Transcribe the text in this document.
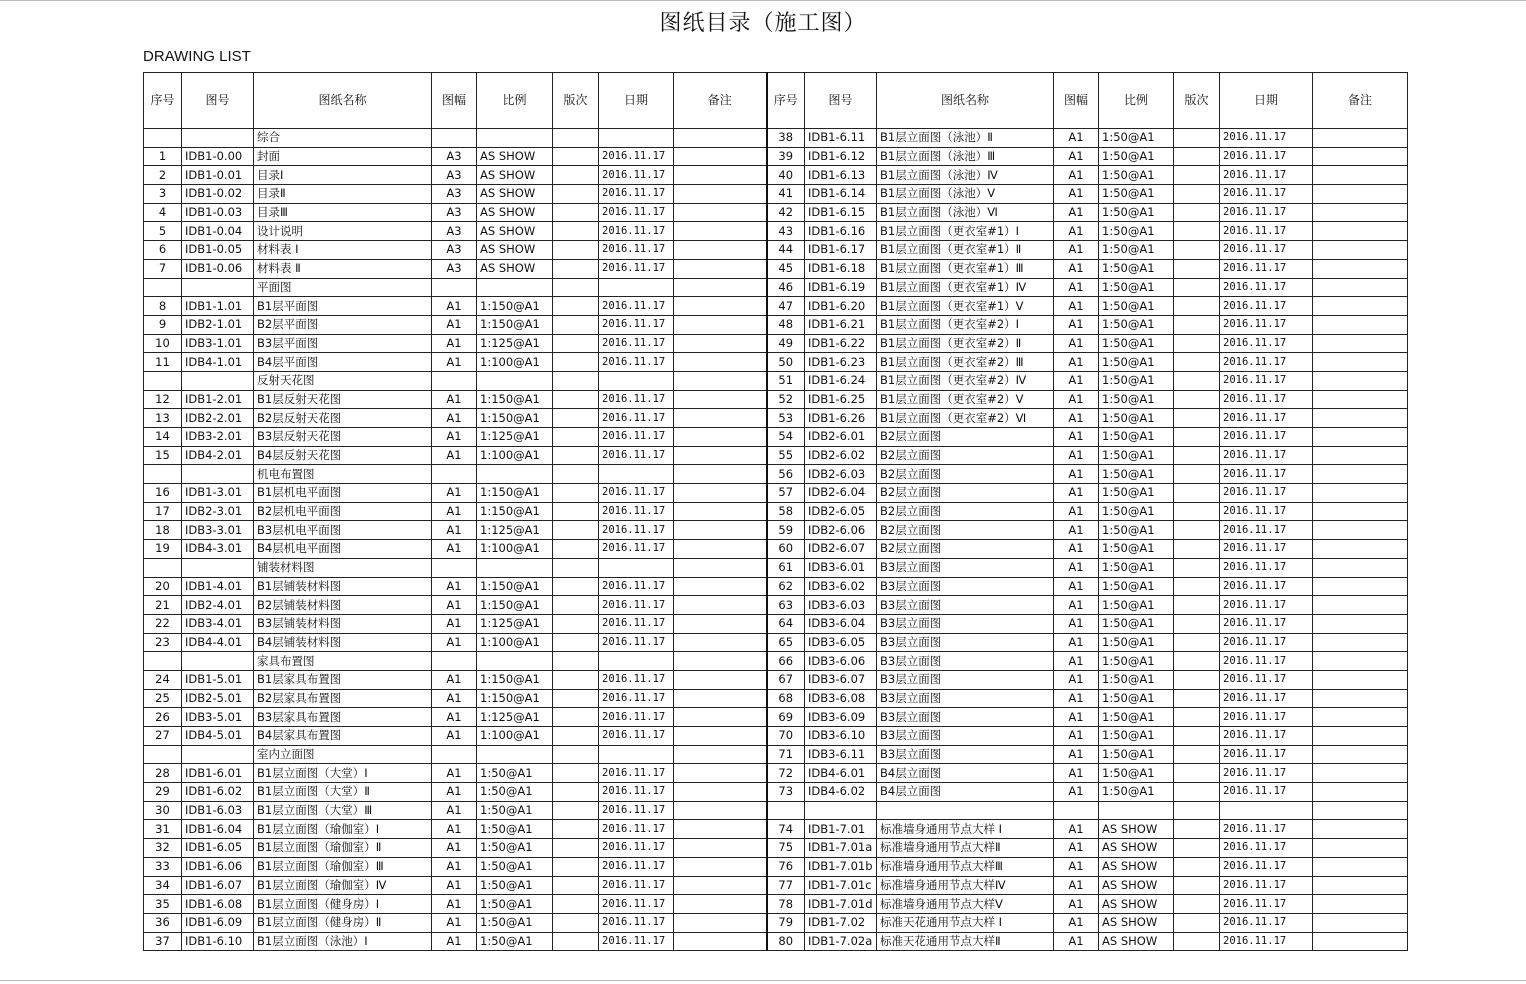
图纸目录（施工图）
DRAWING LIST
序号	图号	图纸名称	图幅	比例	版次	日期	备注	序号	图号	图纸名称	图幅	比例	版次	日期	备注
		综合						38	IDB1-6.11	B1层立面图（泳池）Ⅱ	A1	1:50@A1		2016.11.17	
1	IDB1-0.00	封面	A3	AS SHOW		2016.11.17		39	IDB1-6.12	B1层立面图（泳池）Ⅲ	A1	1:50@A1		2016.11.17	
2	IDB1-0.01	目录Ⅰ	A3	AS SHOW		2016.11.17		40	IDB1-6.13	B1层立面图（泳池）Ⅳ	A1	1:50@A1		2016.11.17	
3	IDB1-0.02	目录Ⅱ	A3	AS SHOW		2016.11.17		41	IDB1-6.14	B1层立面图（泳池）Ⅴ	A1	1:50@A1		2016.11.17	
4	IDB1-0.03	目录Ⅲ	A3	AS SHOW		2016.11.17		42	IDB1-6.15	B1层立面图（泳池）Ⅵ	A1	1:50@A1		2016.11.17	
5	IDB1-0.04	设计说明	A3	AS SHOW		2016.11.17		43	IDB1-6.16	B1层立面图（更衣室#1）Ⅰ	A1	1:50@A1		2016.11.17	
6	IDB1-0.05	材料表 Ⅰ	A3	AS SHOW		2016.11.17		44	IDB1-6.17	B1层立面图（更衣室#1）Ⅱ	A1	1:50@A1		2016.11.17	
7	IDB1-0.06	材料表 Ⅱ	A3	AS SHOW		2016.11.17		45	IDB1-6.18	B1层立面图（更衣室#1）Ⅲ	A1	1:50@A1		2016.11.17	
		平面图						46	IDB1-6.19	B1层立面图（更衣室#1）Ⅳ	A1	1:50@A1		2016.11.17	
8	IDB1-1.01	B1层平面图	A1	1:150@A1		2016.11.17		47	IDB1-6.20	B1层立面图（更衣室#1）Ⅴ	A1	1:50@A1		2016.11.17	
9	IDB2-1.01	B2层平面图	A1	1:150@A1		2016.11.17		48	IDB1-6.21	B1层立面图（更衣室#2）Ⅰ	A1	1:50@A1		2016.11.17	
10	IDB3-1.01	B3层平面图	A1	1:125@A1		2016.11.17		49	IDB1-6.22	B1层立面图（更衣室#2）Ⅱ	A1	1:50@A1		2016.11.17	
11	IDB4-1.01	B4层平面图	A1	1:100@A1		2016.11.17		50	IDB1-6.23	B1层立面图（更衣室#2）Ⅲ	A1	1:50@A1		2016.11.17	
		反射天花图						51	IDB1-6.24	B1层立面图（更衣室#2）Ⅳ	A1	1:50@A1		2016.11.17	
12	IDB1-2.01	B1层反射天花图	A1	1:150@A1		2016.11.17		52	IDB1-6.25	B1层立面图（更衣室#2）Ⅴ	A1	1:50@A1		2016.11.17	
13	IDB2-2.01	B2层反射天花图	A1	1:150@A1		2016.11.17		53	IDB1-6.26	B1层立面图（更衣室#2）Ⅵ	A1	1:50@A1		2016.11.17	
14	IDB3-2.01	B3层反射天花图	A1	1:125@A1		2016.11.17		54	IDB2-6.01	B2层立面图	A1	1:50@A1		2016.11.17	
15	IDB4-2.01	B4层反射天花图	A1	1:100@A1		2016.11.17		55	IDB2-6.02	B2层立面图	A1	1:50@A1		2016.11.17	
		机电布置图						56	IDB2-6.03	B2层立面图	A1	1:50@A1		2016.11.17	
16	IDB1-3.01	B1层机电平面图	A1	1:150@A1		2016.11.17		57	IDB2-6.04	B2层立面图	A1	1:50@A1		2016.11.17	
17	IDB2-3.01	B2层机电平面图	A1	1:150@A1		2016.11.17		58	IDB2-6.05	B2层立面图	A1	1:50@A1		2016.11.17	
18	IDB3-3.01	B3层机电平面图	A1	1:125@A1		2016.11.17		59	IDB2-6.06	B2层立面图	A1	1:50@A1		2016.11.17	
19	IDB4-3.01	B4层机电平面图	A1	1:100@A1		2016.11.17		60	IDB2-6.07	B2层立面图	A1	1:50@A1		2016.11.17	
		铺装材料图						61	IDB3-6.01	B3层立面图	A1	1:50@A1		2016.11.17	
20	IDB1-4.01	B1层铺装材料图	A1	1:150@A1		2016.11.17		62	IDB3-6.02	B3层立面图	A1	1:50@A1		2016.11.17	
21	IDB2-4.01	B2层铺装材料图	A1	1:150@A1		2016.11.17		63	IDB3-6.03	B3层立面图	A1	1:50@A1		2016.11.17	
22	IDB3-4.01	B3层铺装材料图	A1	1:125@A1		2016.11.17		64	IDB3-6.04	B3层立面图	A1	1:50@A1		2016.11.17	
23	IDB4-4.01	B4层铺装材料图	A1	1:100@A1		2016.11.17		65	IDB3-6.05	B3层立面图	A1	1:50@A1		2016.11.17	
		家具布置图						66	IDB3-6.06	B3层立面图	A1	1:50@A1		2016.11.17	
24	IDB1-5.01	B1层家具布置图	A1	1:150@A1		2016.11.17		67	IDB3-6.07	B3层立面图	A1	1:50@A1		2016.11.17	
25	IDB2-5.01	B2层家具布置图	A1	1:150@A1		2016.11.17		68	IDB3-6.08	B3层立面图	A1	1:50@A1		2016.11.17	
26	IDB3-5.01	B3层家具布置图	A1	1:125@A1		2016.11.17		69	IDB3-6.09	B3层立面图	A1	1:50@A1		2016.11.17	
27	IDB4-5.01	B4层家具布置图	A1	1:100@A1		2016.11.17		70	IDB3-6.10	B3层立面图	A1	1:50@A1		2016.11.17	
		室内立面图						71	IDB3-6.11	B3层立面图	A1	1:50@A1		2016.11.17	
28	IDB1-6.01	B1层立面图（大堂）Ⅰ	A1	1:50@A1		2016.11.17		72	IDB4-6.01	B4层立面图	A1	1:50@A1		2016.11.17	
29	IDB1-6.02	B1层立面图（大堂）Ⅱ	A1	1:50@A1		2016.11.17		73	IDB4-6.02	B4层立面图	A1	1:50@A1		2016.11.17	
30	IDB1-6.03	B1层立面图（大堂）Ⅲ	A1	1:50@A1		2016.11.17									
31	IDB1-6.04	B1层立面图（瑜伽室）Ⅰ	A1	1:50@A1		2016.11.17		74	IDB1-7.01	标准墙身通用节点大样 Ⅰ	A1	AS SHOW		2016.11.17	
32	IDB1-6.05	B1层立面图（瑜伽室）Ⅱ	A1	1:50@A1		2016.11.17		75	IDB1-7.01a	标准墙身通用节点大样Ⅱ	A1	AS SHOW		2016.11.17	
33	IDB1-6.06	B1层立面图（瑜伽室）Ⅲ	A1	1:50@A1		2016.11.17		76	IDB1-7.01b	标准墙身通用节点大样Ⅲ	A1	AS SHOW		2016.11.17	
34	IDB1-6.07	B1层立面图（瑜伽室）Ⅳ	A1	1:50@A1		2016.11.17		77	IDB1-7.01c	标准墙身通用节点大样Ⅳ	A1	AS SHOW		2016.11.17	
35	IDB1-6.08	B1层立面图（健身房）Ⅰ	A1	1:50@A1		2016.11.17		78	IDB1-7.01d	标准墙身通用节点大样Ⅴ	A1	AS SHOW		2016.11.17	
36	IDB1-6.09	B1层立面图（健身房）Ⅱ	A1	1:50@A1		2016.11.17		79	IDB1-7.02	标准天花通用节点大样 Ⅰ	A1	AS SHOW		2016.11.17	
37	IDB1-6.10	B1层立面图（泳池）Ⅰ	A1	1:50@A1		2016.11.17		80	IDB1-7.02a	标准天花通用节点大样Ⅱ	A1	AS SHOW		2016.11.17	
